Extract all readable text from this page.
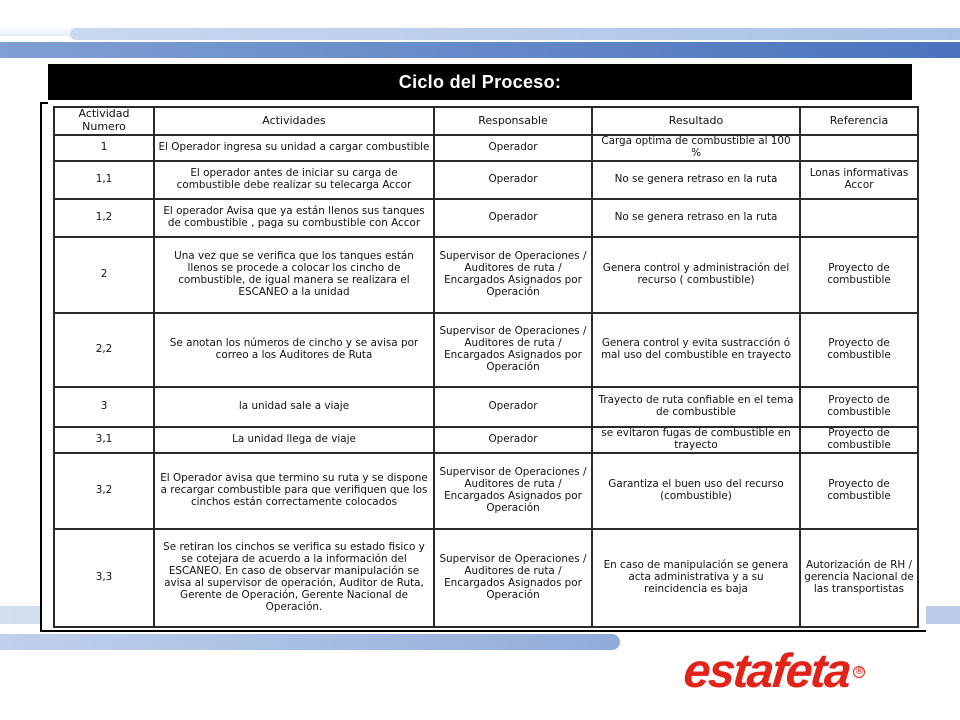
Ciclo del Proceso:
Actividad Numero	Actividades	Responsable	Resultado	Referencia
1	El Operador ingresa su unidad a cargar combustible	Operador	Carga optima de combustible al 100 %	
1,1	El operador antes de iniciar su carga de combustible debe realizar su telecarga Accor	Operador	No se genera retraso en la ruta	Lonas informativas Accor
1,2	El operador Avisa que ya están llenos sus tanques de combustible , paga su combustible con Accor	Operador	No se genera retraso en la ruta	
2	Una vez que se verifica que los tanques están llenos se procede a colocar los cincho de combustible, de igual manera se realizara el ESCANEO a la unidad	Supervisor de Operaciones / Auditores de ruta / Encargados Asignados por Operación	Genera control y administración del recurso ( combustible)	Proyecto de combustible
2,2	Se anotan los números de cincho y se avisa por correo a los Auditores de Ruta	Supervisor de Operaciones / Auditores de ruta / Encargados Asignados por Operación	Genera control y evita sustracción ó mal uso del combustible en trayecto	Proyecto de combustible
3	la unidad sale a viaje	Operador	Trayecto de ruta confiable en el tema de combustible	Proyecto de combustible
3,1	La unidad llega de viaje	Operador	se evitaron fugas de combustible en trayecto	Proyecto de combustible
3,2	El Operador avisa que termino su ruta y se dispone a recargar combustible para que verifiquen que los cinchos están correctamente colocados	Supervisor de Operaciones / Auditores de ruta / Encargados Asignados por Operación	Garantiza el buen uso del recurso (combustible)	Proyecto de combustible
3,3	Se retiran los cinchos se verifica su estado fisico y se cotejara de acuerdo a la información del ESCANEO. En caso de observar manipulación se avisa al supervisor de operación, Auditor de Ruta, Gerente de Operación, Gerente Nacional de Operación.	Supervisor de Operaciones / Auditores de ruta / Encargados Asignados por Operación	En caso de manipulación se genera acta administrativa y a su reincidencia es baja	Autorización de RH / gerencia Nacional de las transportistas
estafeta ®
